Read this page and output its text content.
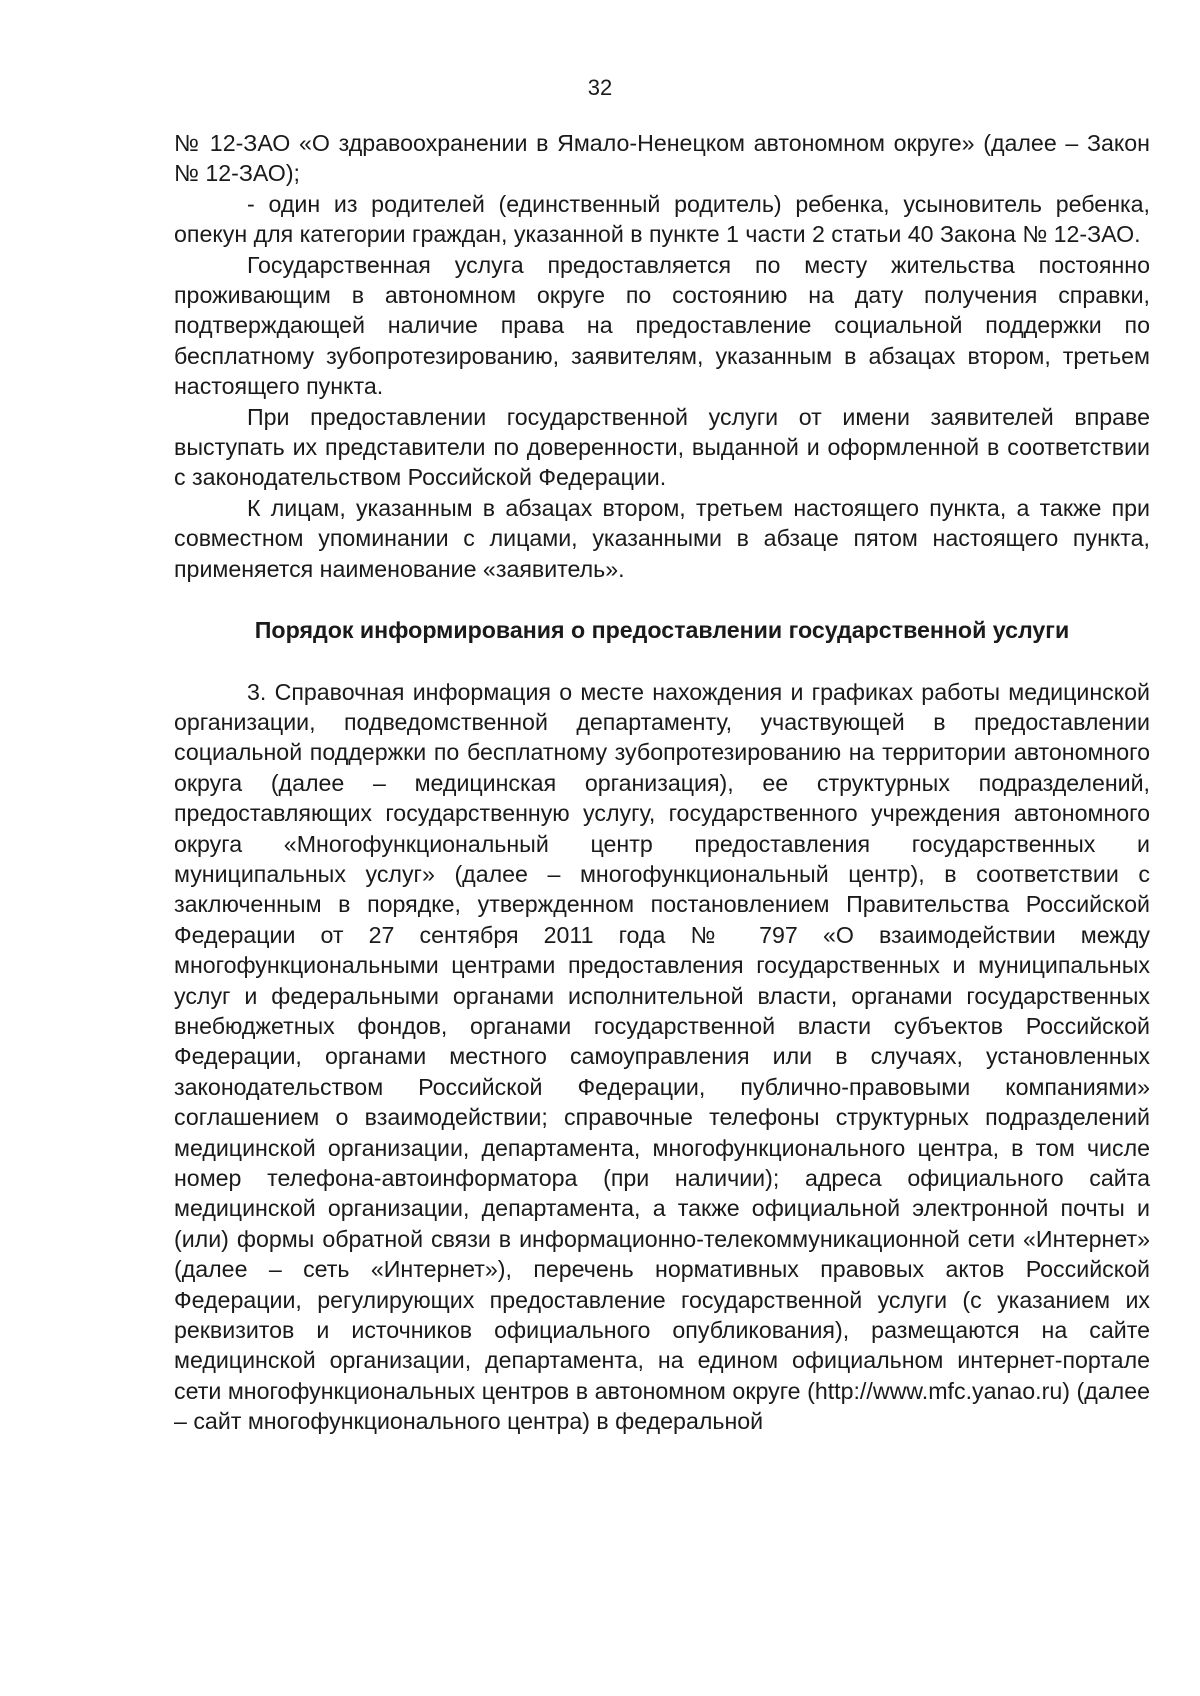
32

№ 12-ЗАО «О здравоохранении в Ямало-Ненецком автономном округе» (далее – Закон № 12-ЗАО);

- один из родителей (единственный родитель) ребенка, усыновитель ребенка, опекун для категории граждан, указанной в пункте 1 части 2 статьи 40 Закона № 12-ЗАО.

Государственная услуга предоставляется по месту жительства постоянно проживающим в автономном округе по состоянию на дату получения справки, подтверждающей наличие права на предоставление социальной поддержки по бесплатному зубопротезированию, заявителям, указанным в абзацах втором, третьем настоящего пункта.

При предоставлении государственной услуги от имени заявителей вправе выступать их представители по доверенности, выданной и оформленной в соответствии с законодательством Российской Федерации.

К лицам, указанным в абзацах втором, третьем настоящего пункта, а также при совместном упоминании с лицами, указанными в абзаце пятом настоящего пункта, применяется наименование «заявитель».

Порядок информирования о предоставлении государственной услуги

3. Справочная информация о месте нахождения и графиках работы медицинской организации, подведомственной департаменту, участвующей в предоставлении социальной поддержки по бесплатному зубопротезированию на территории автономного округа (далее – медицинская организация), ее структурных подразделений, предоставляющих государственную услугу, государственного учреждения автономного округа «Многофункциональный центр предоставления государственных и муниципальных услуг» (далее – многофункциональный центр), в соответствии с заключенным в порядке, утвержденном постановлением Правительства Российской Федерации от 27 сентября 2011 года № 797 «О взаимодействии между многофункциональными центрами предоставления государственных и муниципальных услуг и федеральными органами исполнительной власти, органами государственных внебюджетных фондов, органами государственной власти субъектов Российской Федерации, органами местного самоуправления или в случаях, установленных законодательством Российской Федерации, публично-правовыми компаниями» соглашением о взаимодействии; справочные телефоны структурных подразделений медицинской организации, департамента, многофункционального центра, в том числе номер телефона-автоинформатора (при наличии); адреса официального сайта медицинской организации, департамента, а также официальной электронной почты и (или) формы обратной связи в информационно-телекоммуникационной сети «Интернет» (далее – сеть «Интернет»), перечень нормативных правовых актов Российской Федерации, регулирующих предоставление государственной услуги (с указанием их реквизитов и источников официального опубликования), размещаются на сайте медицинской организации, департамента, на едином официальном интернет-портале сети многофункциональных центров в автономном округе (http://www.mfc.yanao.ru) (далее – сайт многофункционального центра) в федеральной
